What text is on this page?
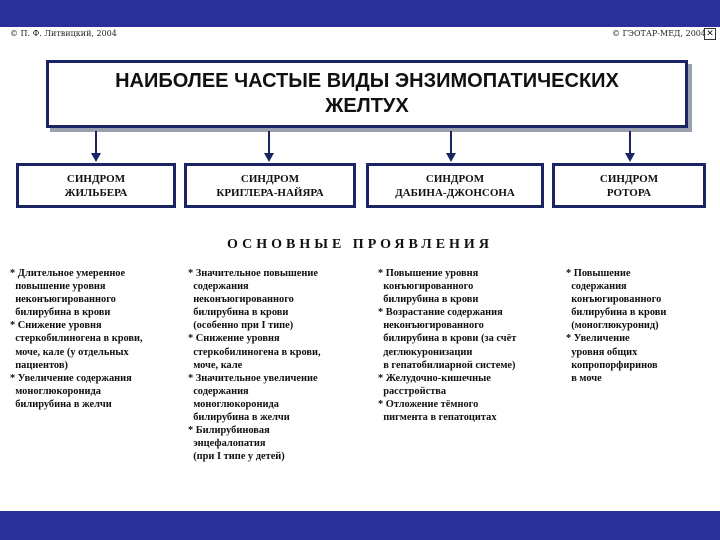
© П. Ф. Литвицкий, 2004	© ГЭОТАР-МЕД, 2004 ✕
НАИБОЛЕЕ ЧАСТЫЕ ВИДЫ ЭНЗИМОПАТИЧЕСКИХ
ЖЕЛТУХ
СИНДРОМ
ЖИЛЬБЕРА
СИНДРОМ
КРИГЛЕРА-НАЙЯРА
СИНДРОМ
ДАБИНА-ДЖОНСОНА
СИНДРОМ
РОТОРА
ОСНОВНЫЕ ПРОЯВЛЕНИЯ
* Длительное умеренное
повышение уровня
неконъюгированного
билирубина в крови
* Снижение уровня
стеркобилиногена в крови,
моче, кале (у отдельных
пациентов)
* Увеличение содержания
моноглюкоронида
билирубина в желчи
* Значительное повышение
содержания
неконъюгированного
билирубина в крови
(особенно при I типе)
* Снижение уровня
стеркобилиногена в крови,
моче, кале
* Значительное увеличение
содержания
моноглюкоронида
билирубина в желчи
* Билирубиновая
энцефалопатия
(при I типе у детей)
* Повышение уровня
конъюгированного
билирубина в крови
* Возрастание содержания
неконъюгированного
билирубина в крови (за счёт
деглюкуронизации
в гепатобилиарной системе)
* Желудочно-кишечные
расстройства
* Отложение тёмного
пигмента в гепатоцитах
* Повышение
содержания
конъюгированного
билирубина в крови
(моноглюкуронид)
* Увеличение
уровня общих
копропорфиринов
в моче
